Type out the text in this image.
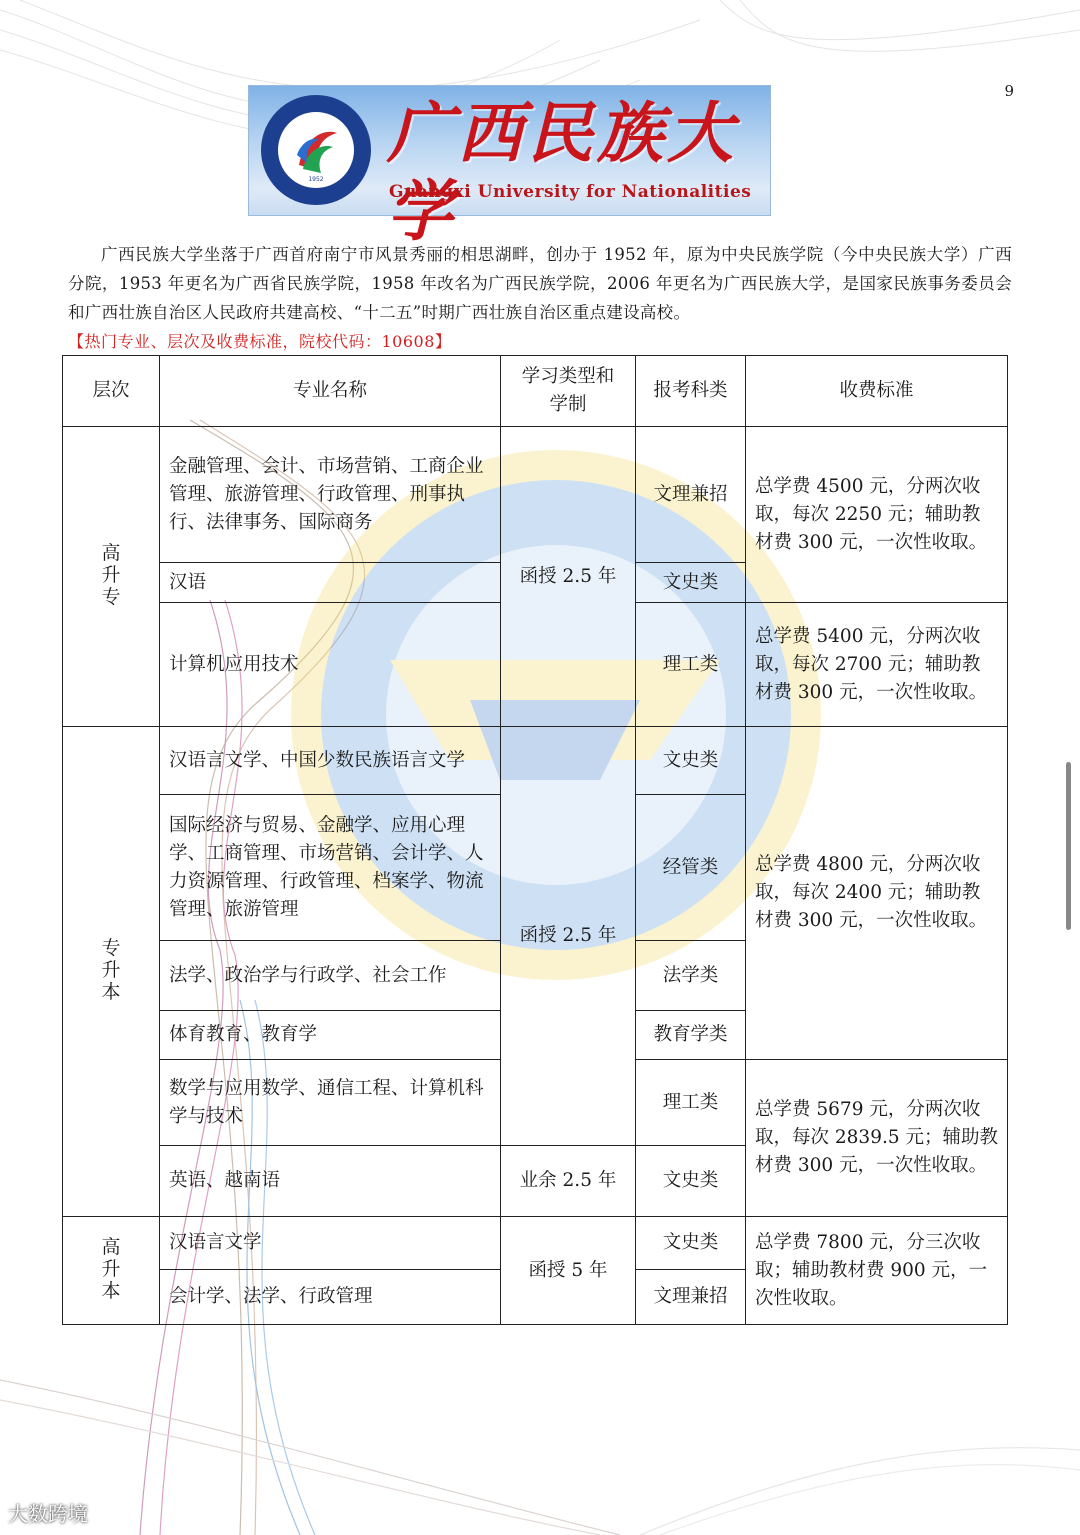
9
1952
广西民族大学
Guangxi University for Nationalities

广西民族大学坐落于广西首府南宁市风景秀丽的相思湖畔，创办于 1952 年，原为中央民族学院（今中央民族大学）广西分院，1953 年更名为广西省民族学院，1958 年改名为广西民族学院，2006 年更名为广西民族大学，是国家民族事务委员会和广西壮族自治区人民政府共建高校、“十二五”时期广西壮族自治区重点建设高校。

【热门专业、层次及收费标准，院校代码：10608】
层次	专业名称	学习类型和学制	报考科类	收费标准
高升专	金融管理、会计、市场营销、工商企业管理、旅游管理、行政管理、刑事执行、法律事务、国际商务	函授 2.5 年	文理兼招	总学费 4500 元，分两次收取，每次 2250 元；辅助教材费 300 元，一次性收取。
	汉语		文史类	
	计算机应用技术		理工类	总学费 5400 元，分两次收取，每次 2700 元；辅助教材费 300 元，一次性收取。
专升本	汉语言文学、中国少数民族语言文学	函授 2.5 年	文史类	总学费 4800 元，分两次收取，每次 2400 元；辅助教材费 300 元，一次性收取。
	国际经济与贸易、金融学、应用心理学、工商管理、市场营销、会计学、人力资源管理、行政管理、档案学、物流管理、旅游管理		经管类	
	法学、政治学与行政学、社会工作		法学类	
	体育教育、教育学		教育学类	
	数学与应用数学、通信工程、计算机科学与技术		理工类	总学费 5679 元，分两次收取，每次 2839.5 元；辅助教材费 300 元，一次性收取。
	英语、越南语	业余 2.5 年	文史类	
高升本	汉语言文学	函授 5 年	文史类	总学费 7800 元，分三次收取；辅助教材费 900 元，一次性收取。
	会计学、法学、行政管理		文理兼招	
大数跨境
